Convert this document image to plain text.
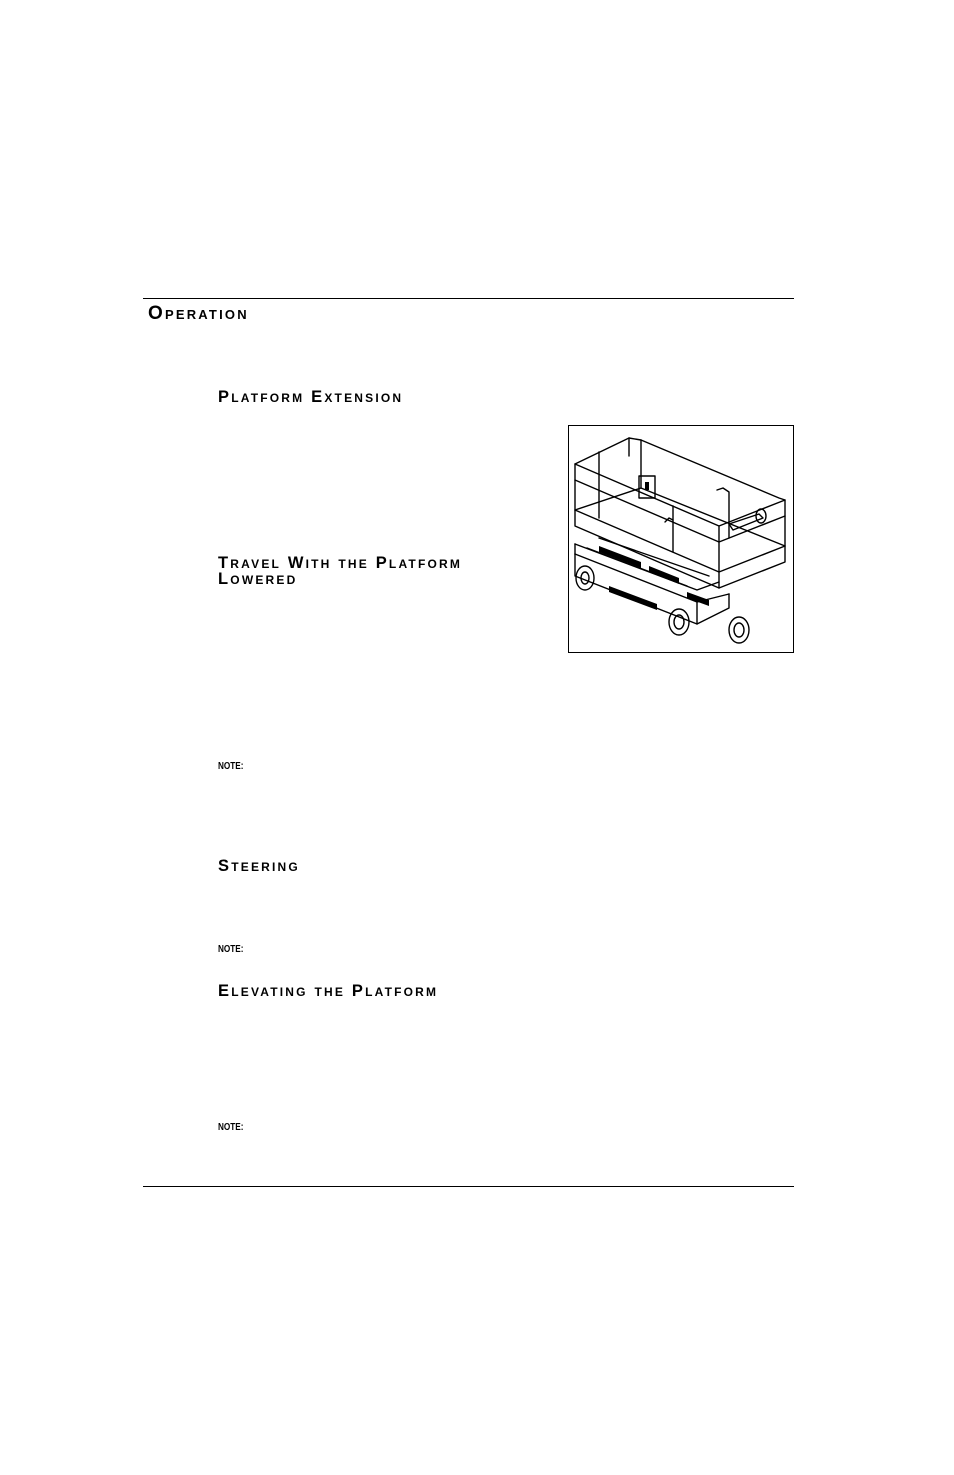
Operation
Platform Extension
Travel With the Platform
Lowered
NOTE:
Steering
NOTE:
Elevating the Platform
NOTE:
